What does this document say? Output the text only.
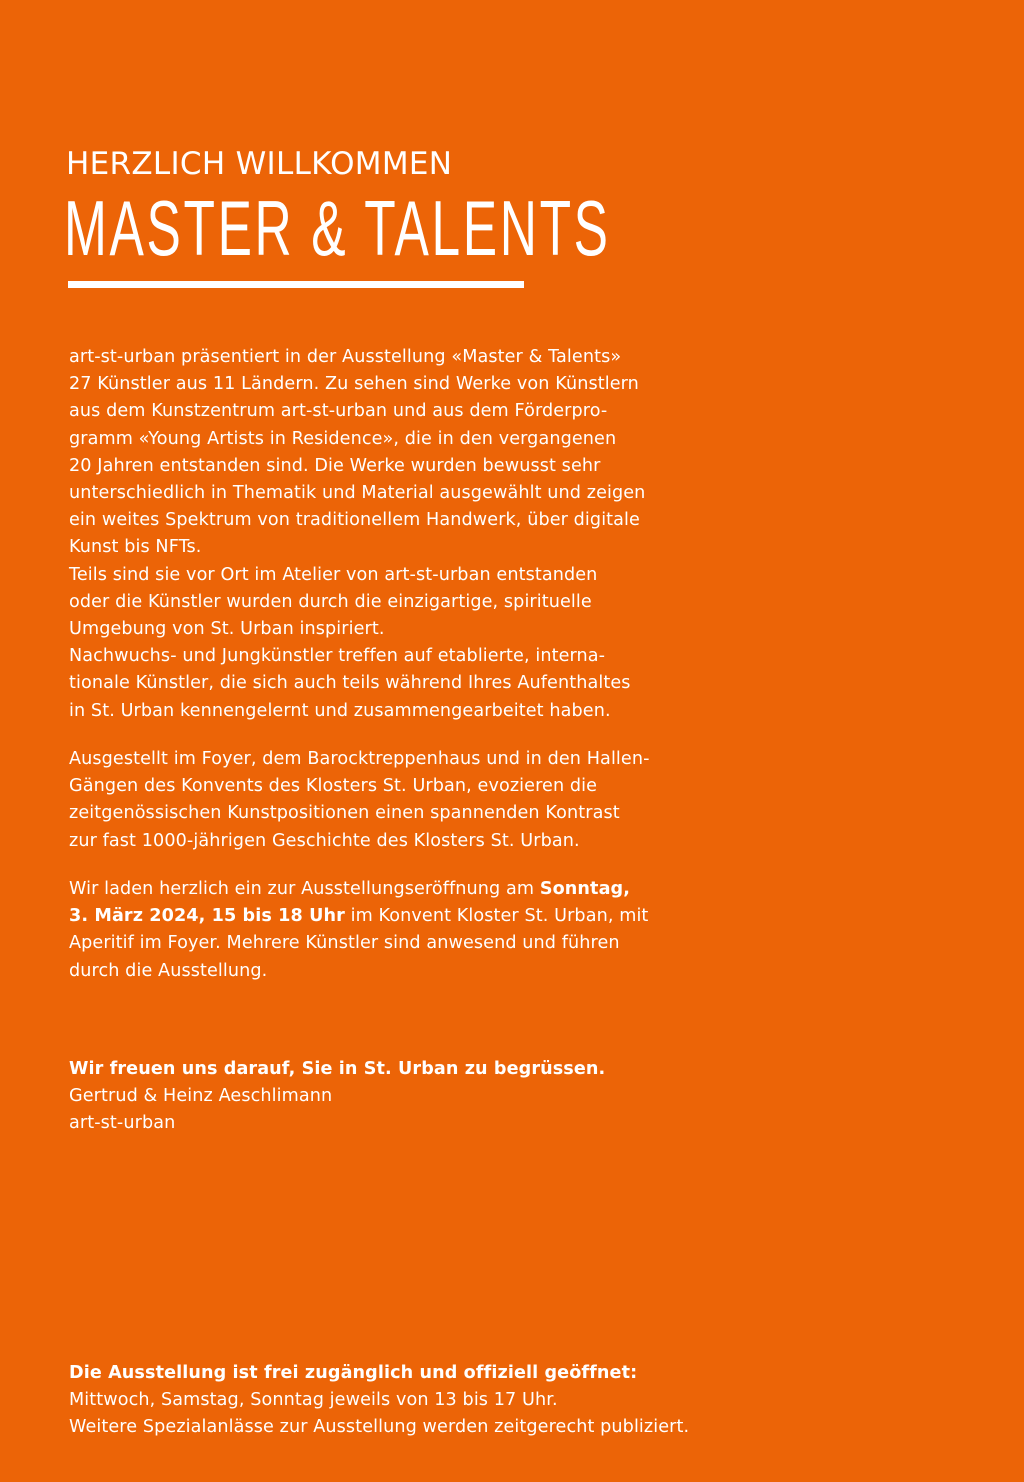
HERZLICH WILLKOMMEN
MASTER & TALENTS

art-st-urban präsentiert in der Ausstellung «Master & Talents»

27 Künstler aus 11 Ländern. Zu sehen sind Werke von Künstlern

aus dem Kunstzentrum art-st-urban und aus dem Förderpro-

gramm «Young Artists in Residence», die in den vergangenen

20 Jahren entstanden sind. Die Werke wurden bewusst sehr

unterschiedlich in Thematik und Material ausgewählt und zeigen

ein weites Spektrum von traditionellem Handwerk, über digitale

Kunst bis NFTs.

Teils sind sie vor Ort im Atelier von art-st-urban entstanden

oder die Künstler wurden durch die einzigartige, spirituelle

Umgebung von St. Urban inspiriert.

Nachwuchs- und Jungkünstler treffen auf etablierte, interna-

tionale Künstler, die sich auch teils während Ihres Aufenthaltes

in St. Urban kennengelernt und zusammengearbeitet haben.

Ausgestellt im Foyer, dem Barocktreppenhaus und in den Hallen-

Gängen des Konvents des Klosters St. Urban, evozieren die

zeitgenössischen Kunstpositionen einen spannenden Kontrast

zur fast 1000-jährigen Geschichte des Klosters St. Urban.

Wir laden herzlich ein zur Ausstellungseröffnung am Sonntag,

3. März 2024, 15 bis 18 Uhr im Konvent Kloster St. Urban, mit

Aperitif im Foyer. Mehrere Künstler sind anwesend und führen

durch die Ausstellung.

Wir freuen uns darauf, Sie in St. Urban zu begrüssen.

Gertrud & Heinz Aeschlimann

art-st-urban

Die Ausstellung ist frei zugänglich und offiziell geöffnet:

Mittwoch, Samstag, Sonntag jeweils von 13 bis 17 Uhr.

Weitere Spezialanlässe zur Ausstellung werden zeitgerecht publiziert.
